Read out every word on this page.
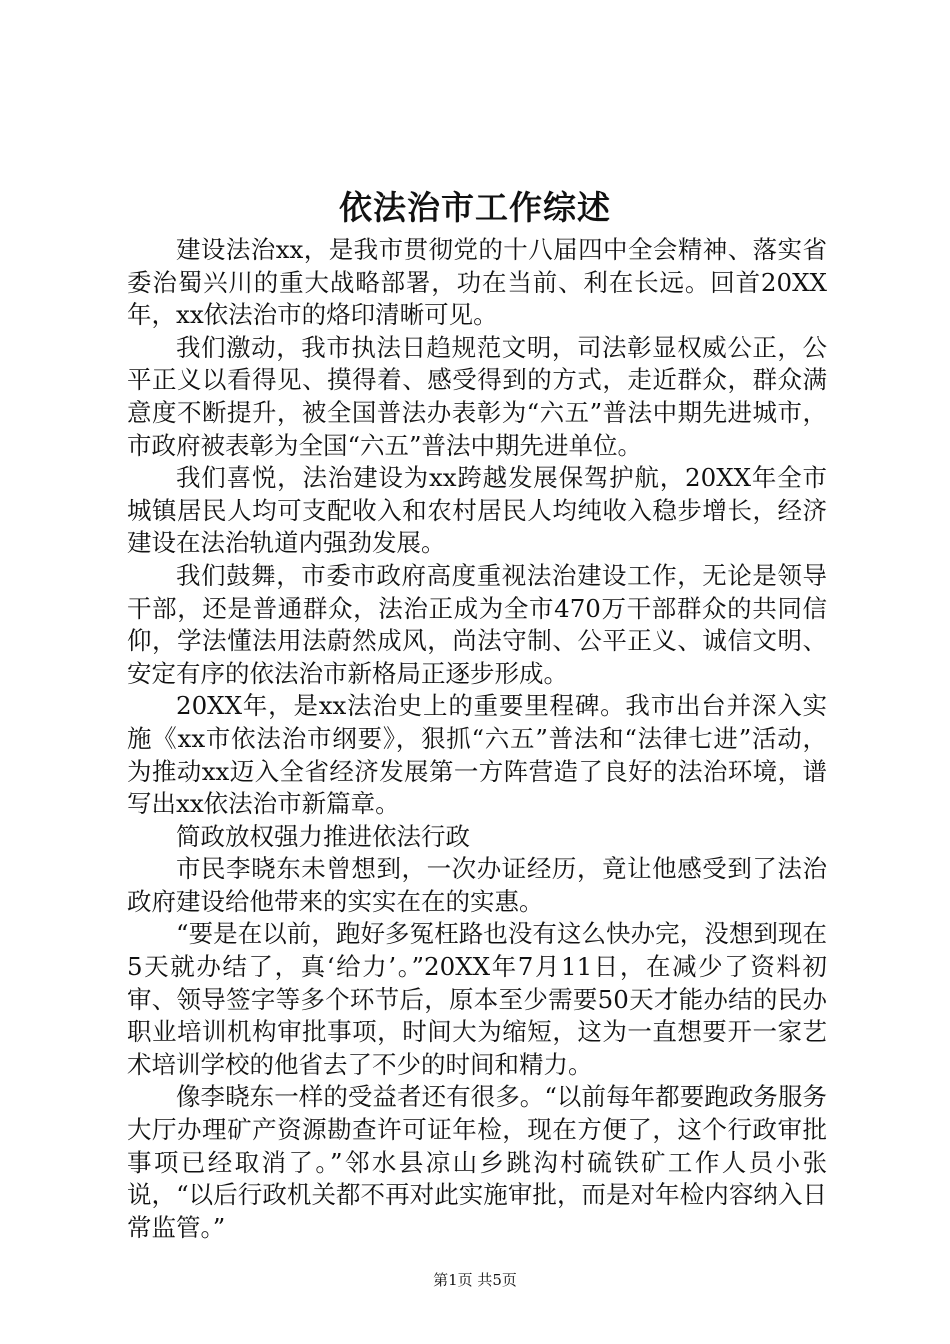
依法治市工作综述

建设法治xx，是我市贯彻党的十八届四中全会精神、落实省委治蜀兴川的重大战略部署，功在当前、利在长远。回首20XX年，xx依法治市的烙印清晰可见。

我们激动，我市执法日趋规范文明，司法彰显权威公正，公平正义以看得见、摸得着、感受得到的方式，走近群众，群众满意度不断提升，被全国普法办表彰为“六五”普法中期先进城市，市政府被表彰为全国“六五”普法中期先进单位。

我们喜悦，法治建设为xx跨越发展保驾护航，20XX年全市城镇居民人均可支配收入和农村居民人均纯收入稳步增长，经济建设在法治轨道内强劲发展。

我们鼓舞，市委市政府高度重视法治建设工作，无论是领导干部，还是普通群众，法治正成为全市470万干部群众的共同信仰，学法懂法用法蔚然成风，尚法守制、公平正义、诚信文明、安定有序的依法治市新格局正逐步形成。

20XX年，是xx法治史上的重要里程碑。我市出台并深入实施《xx市依法治市纲要》，狠抓“六五”普法和“法律七进”活动，为推动xx迈入全省经济发展第一方阵营造了良好的法治环境，谱写出xx依法治市新篇章。

简政放权强力推进依法行政

市民李晓东未曾想到，一次办证经历，竟让他感受到了法治政府建设给他带来的实实在在的实惠。

“要是在以前，跑好多冤枉路也没有这么快办完，没想到现在5天就办结了，真‘给力’。”20XX年7月11日，在减少了资料初审、领导签字等多个环节后，原本至少需要50天才能办结的民办职业培训机构审批事项，时间大为缩短，这为一直想要开一家艺术培训学校的他省去了不少的时间和精力。

像李晓东一样的受益者还有很多。“以前每年都要跑政务服务大厅办理矿产资源勘查许可证年检，现在方便了，这个行政审批事项已经取消了。”邻水县凉山乡跳沟村硫铁矿工作人员小张说，“以后行政机关都不再对此实施审批，而是对年检内容纳入日常监管。”

第1页 共5页
